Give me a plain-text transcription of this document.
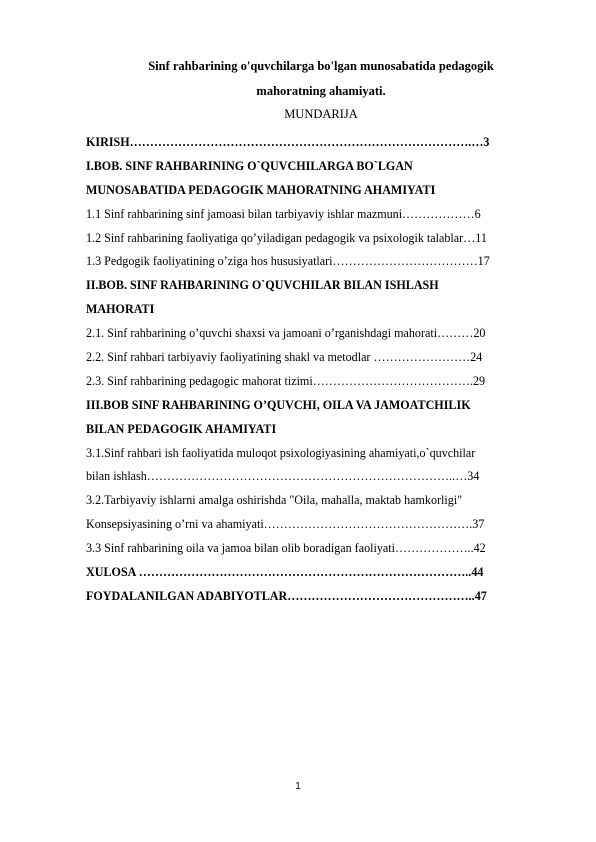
Sinf rahbarining o'quvchilarga bo'lgan munosabatida pedagogik
mahoratning ahamiyati.
MUNDARIJA
KIRISH………………………………………………………………………….…3
I.BOB. SINF RAHBARINING O`QUVCHILARGA BO`LGAN
MUNOSABATIDA PEDAGOGIK MAHORATNING AHAMIYATI
1.1 Sinf rahbarining sinf jamoasi bilan tarbiyaviy ishlar mazmuni………………6
1.2 Sinf rahbarining faoliyatiga qo’yiladigan pedagogik va psixologik talablar…11
1.3 Pedgogik faoliyatining o’ziga hos hususiyatlari………………………………17
II.BOB. SINF RAHBARINING O`QUVCHILAR BILAN ISHLASH
MAHORATI
2.1. Sinf rahbarining o’quvchi shaxsi va jamoani o’rganishdagi mahorati………20
2.2. Sinf rahbari tarbiyaviy faoliyatining shakl va metodlar ……………………24
2.3. Sinf rahbarining pedagogic mahorat tizimi………………………………….29
III.BOB SINF RAHBARINING O’QUVCHI, OILA VA JAMOATCHILIK
BILAN PEDAGOGIK AHAMIYATI
3.1.Sinf rahbari ish faoliyatida muloqot psixologiyasining ahamiyati,o`quvchilar
bilan ishlash…………………………………………………………………..…34
3.2.Tarbiyaviy ishlarni amalga oshirishda "Oila, mahalla, maktab hamkorligi"
Konsepsiyasining o’rni va ahamiyati…………………………………………….37
3.3 Sinf rahbarining oila va jamoa bilan olib boradigan faoliyati………………..42
XULOSA ………………………………………………………………………..44
FOYDALANILGAN ADABIYOTLAR………………………………………..47
1
